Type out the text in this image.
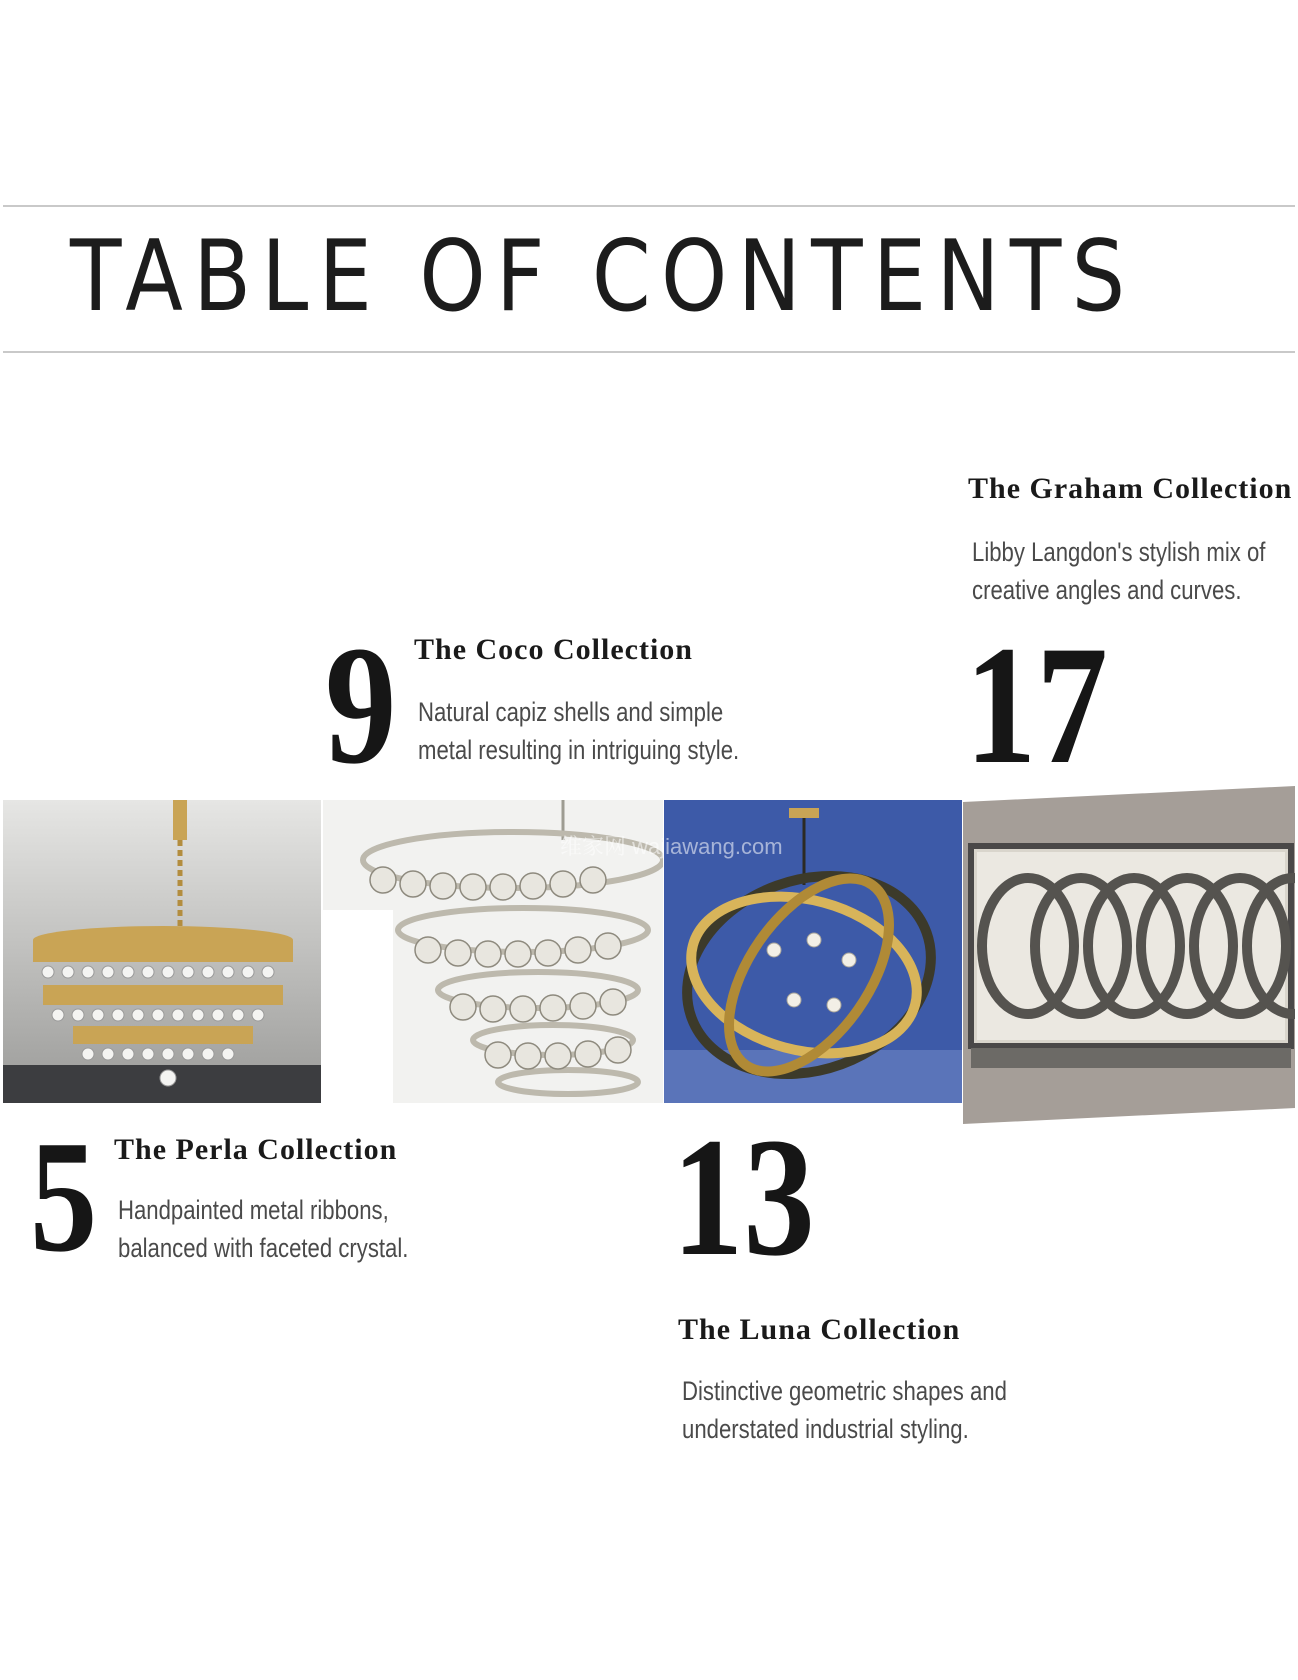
TABLE OF CONTENTS
The Graham Collection

Libby Langdon's stylish mix of
creative angles and curves.

17
9 The Coco Collection

Natural capiz shells and simple
metal resulting in intriguing style.

维家网 wajiawang.com
5 The Perla Collection

Handpainted metal ribbons,
balanced with faceted crystal. 13
The Luna Collection

Distinctive geometric shapes and
understated industrial styling.
